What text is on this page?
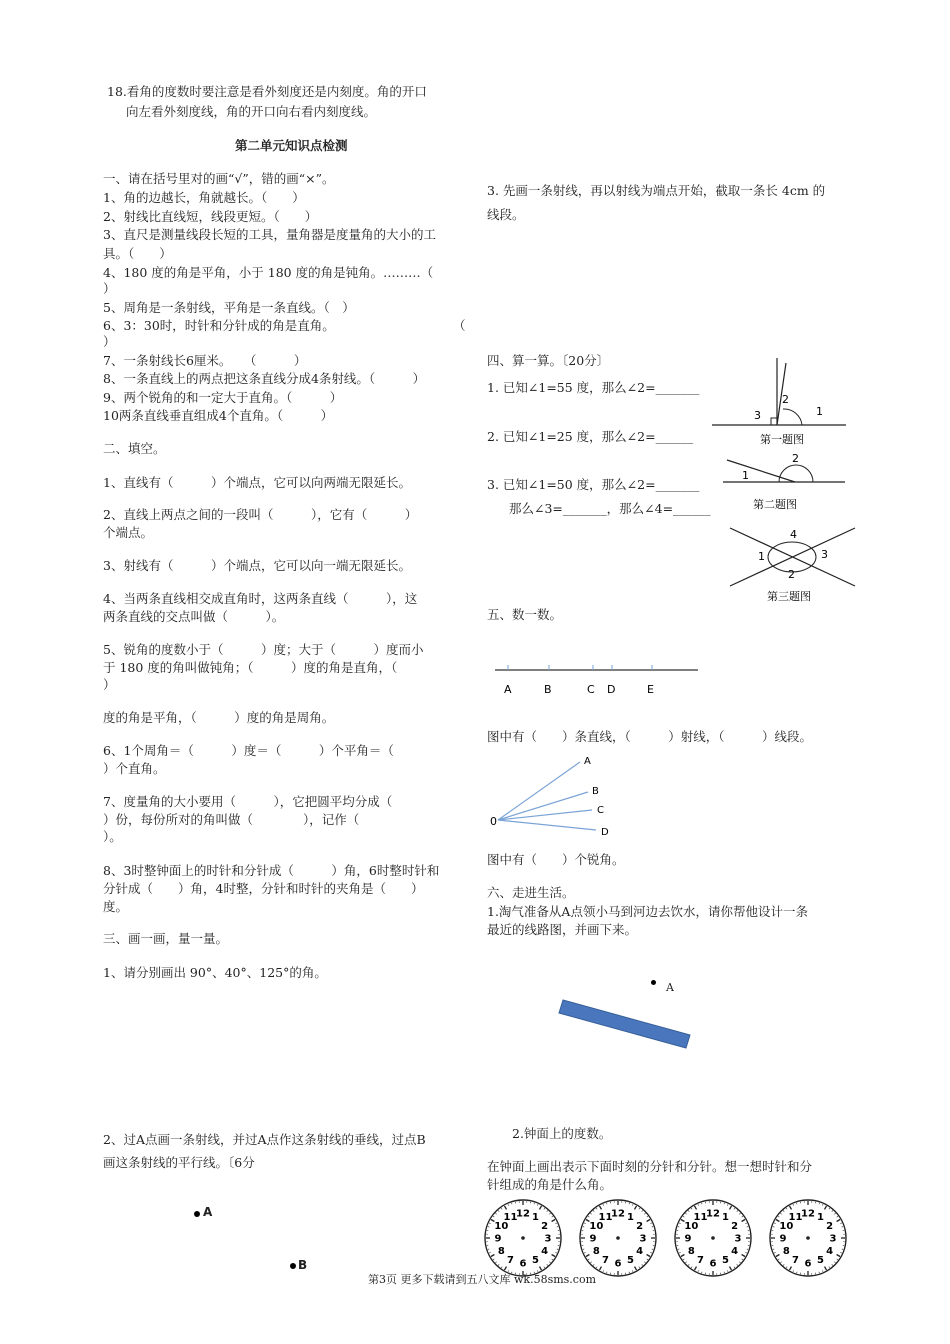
18.看角的度数时要注意是看外刻度还是内刻度。角的开口
向左看外刻度线，角的开口向右看内刻度线。
第二单元知识点检测
一、请在括号里对的画“√”，错的画“×”。
1、角的边越长，角就越长。（　　）
2、射线比直线短，线段更短。（　　）
3、直尺是测量线段长短的工具，量角器是度量角的大小的工
具。（　　）
4、180 度的角是平角，小于 180 度的角是钝角。………（
）
5、周角是一条射线，平角是一条直线。（　）
6、3：30时，时针和分针成的角是直角。	（
）
7、一条射线长6厘米。　　（　　　）
8、一条直线上的两点把这条直线分成4条射线。（　　　）
9、两个锐角的和一定大于直角。（　　　）
10两条直线垂直组成4个直角。（　　　）
二、填空。
1、直线有（　　　）个端点，它可以向两端无限延长。
2、直线上两点之间的一段叫（　　　），它有（　　　）
个端点。
3、射线有（　　　）个端点，它可以向一端无限延长。
4、当两条直线相交成直角时，这两条直线（　　　），这
两条直线的交点叫做（　　　）。
5、锐角的度数小于（　　　）度；大于（　　　）度而小
于 180 度的角叫做钝角；（　　　）度的角是直角，（
）
度的角是平角，（　　　）度的角是周角。
6、1个周角＝（　　　）度＝（　　　）个平角＝（
）个直角。
7、度量角的大小要用（　　　），它把圆平均分成（
）份，每份所对的角叫做（　　　　），记作（
）。
8、3时整钟面上的时针和分针成（　　　）角，6时整时针和
分针成（　　）角，4时整，分针和时针的夹角是（　　）
度。
三、画一画，量一量。
1、请分别画出 90°、40°、125°的角。
2、过A点画一条射线，并过A点作这条射线的垂线，过点B
画这条射线的平行线。〔6分
A
B
3. 先画一条射线，再以射线为端点开始，截取一条长 4cm 的
线段。
四、算一算。〔20分〕
1. 已知∠1=55 度，那么∠2=_______
2. 已知∠1=25 度，那么∠2=______
3. 已知∠1=50 度，那么∠2=_______
那么∠3=_______，那么∠4=______
2
1
3
第一题图
2
1
第二题图
4
1	3
2
第三题图
五、数一数。
A	B	C D	E
图中有（　　）条直线，（　　　）射线，（　　　）线段。
0
A
B
C
D
图中有（　　）个锐角。
六、走进生活。
1.淘气准备从A点领小马到河边去饮水，请你帮他设计一条
最近的线路图，并画下来。
A
2.钟面上的度数。
在钟面上画出表示下面时刻的分针和分针。想一想时针和分
针组成的角是什么角。
12 1
2
3
4
5
6
7
8
9
10
11	12 1
2
3
4
5
6
7
8
9
10
11	12 1
2
3
4
5
6
7
8
9
10
11	12 1
2
3
4
5
6
7
8
9
10
11
第3页 更多下载请到五八文库 wk.58sms.com
